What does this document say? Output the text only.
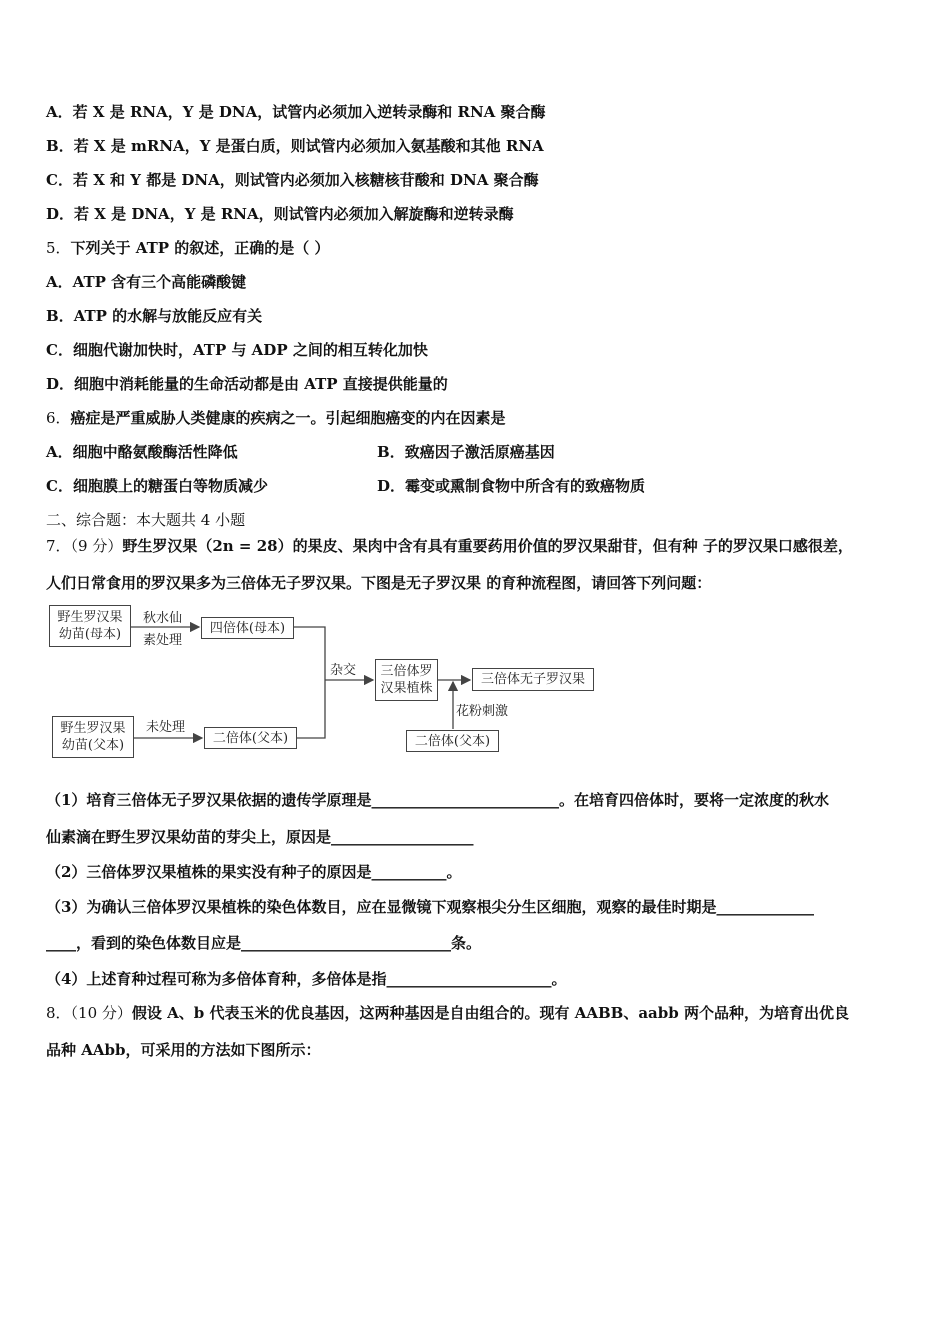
A．若 X 是 RNA，Y 是 DNA，试管内必须加入逆转录酶和 RNA 聚合酶
B．若 X 是 mRNA，Y 是蛋白质，则试管内必须加入氨基酸和其他 RNA
C．若 X 和 Y 都是 DNA，则试管内必须加入核糖核苷酸和 DNA 聚合酶
D．若 X 是 DNA，Y 是 RNA，则试管内必须加入解旋酶和逆转录酶
5．下列关于 ATP 的叙述，正确的是（ ）
A．ATP 含有三个高能磷酸键
B．ATP 的水解与放能反应有关
C．细胞代谢加快时，ATP 与 ADP 之间的相互转化加快
D．细胞中消耗能量的生命活动都是由 ATP 直接提供能量的
6．癌症是严重威胁人类健康的疾病之一。引起细胞癌变的内在因素是
A．细胞中酪氨酸酶活性降低	B．致癌因子激活原癌基因
C．细胞膜上的糖蛋白等物质减少	D．霉变或熏制食物中所含有的致癌物质
二、综合题：本大题共 4 小题
7．（9 分）野生罗汉果（2n = 28）的果皮、果肉中含有具有重要药用价值的罗汉果甜苷，但有种 子的罗汉果口感很差，
人们日常食用的罗汉果多为三倍体无子罗汉果。下图是无子罗汉果 的育种流程图，请回答下列问题：
野生罗汉果
幼苗(母本)
秋水仙
素处理
四倍体(母本)
野生罗汉果
幼苗(父本)
未处理
二倍体(父本)
杂交	三倍体罗
汉果植株
三倍体无子罗汉果
花粉刺激
二倍体(父本)
（1）培育三倍体无子罗汉果依据的遗传学原理是_________________________。在培育四倍体时，要将一定浓度的秋水
仙素滴在野生罗汉果幼苗的芽尖上，原因是___________________
（2）三倍体罗汉果植株的果实没有种子的原因是__________。
（3）为确认三倍体罗汉果植株的染色体数目，应在显微镜下观察根尖分生区细胞，观察的最佳时期是_____________
____，看到的染色体数目应是____________________________条。
（4）上述育种过程可称为多倍体育种，多倍体是指______________________。
8．（10 分）假设 A、b 代表玉米的优良基因，这两种基因是自由组合的。现有 AABB、aabb 两个品种，为培育出优良
品种 AAbb，可采用的方法如下图所示：
